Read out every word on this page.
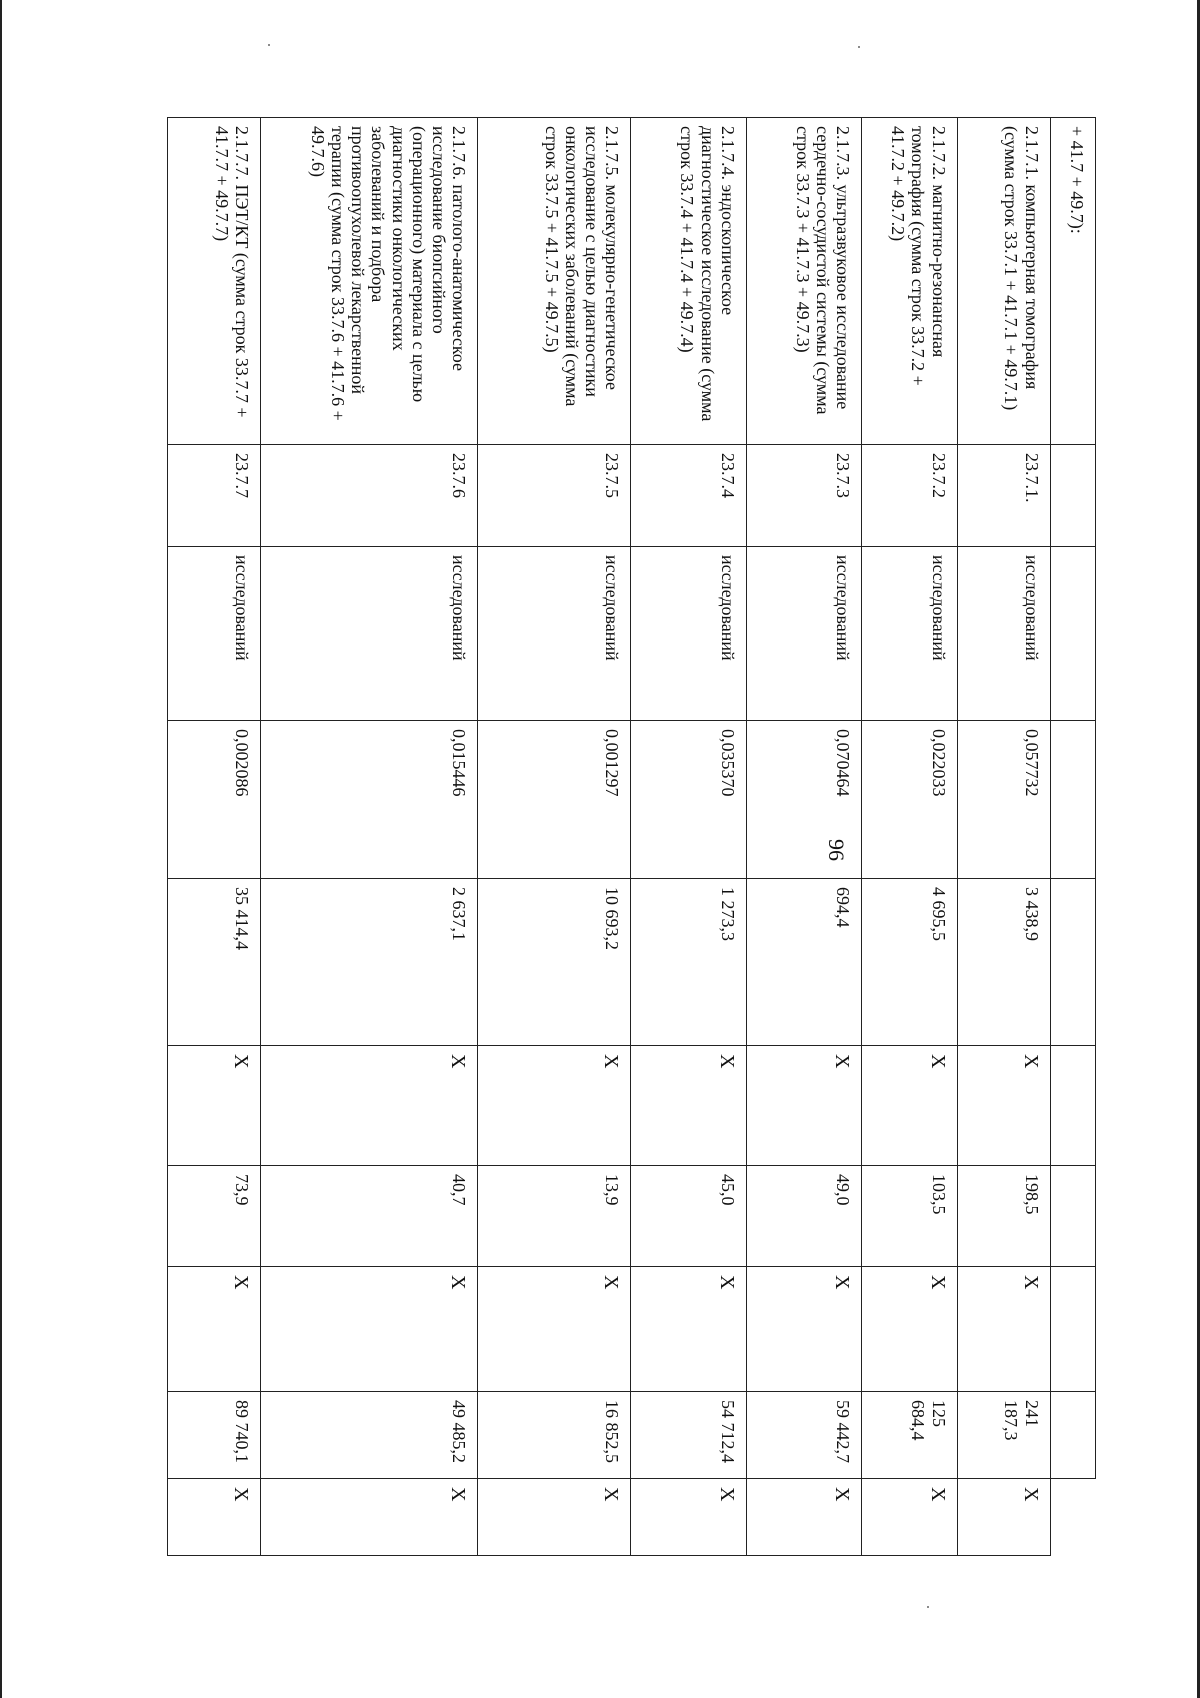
96
+ 41.7 + 49.7):									
2.1.7.1. компьютерная томография (сумма строк 33.7.1 + 41.7.1 + 49.7.1)	23.7.1.	исследований	0,057732	3 438,9	X	198,5	X	241 187,3	X
2.1.7.2. магнитно-резонансная томография (сумма строк 33.7.2 + 41.7.2 + 49.7.2)	23.7.2	исследований	0,022033	4 695,5	X	103,5	X	125 684,4	X
2.1.7.3. ультразвуковое исследование сердечно-сосудистой системы (сумма строк 33.7.3 + 41.7.3 + 49.7.3)	23.7.3	исследований	0,070464	694,4	X	49,0	X	59 442,7	X
2.1.7.4. эндоскопическое диагностическое исследование (сумма строк 33.7.4 + 41.7.4 + 49.7.4)	23.7.4	исследований	0,035370	1 273,3	X	45,0	X	54 712,4	X
2.1.7.5. молекулярно-генетическое исследование с целью диагностики онкологических заболеваний (сумма строк 33.7.5 + 41.7.5 + 49.7.5)	23.7.5	исследований	0,001297	10 693,2	X	13,9	X	16 852,5	X
2.1.7.6. патолого-анатомическое исследование биопсийного (операционного) материала с целью диагностики онкологических заболеваний и подбора противоопухолевой лекарственной терапии (сумма строк 33.7.6 + 41.7.6 + 49.7.6)	23.7.6	исследований	0,015446	2 637,1	X	40,7	X	49 485,2	X
2.1.7.7. ПЭТ/КТ (сумма строк 33.7.7 + 41.7.7 + 49.7.7)	23.7.7	исследований	0,002086	35 414,4	X	73,9	X	89 740,1	X
